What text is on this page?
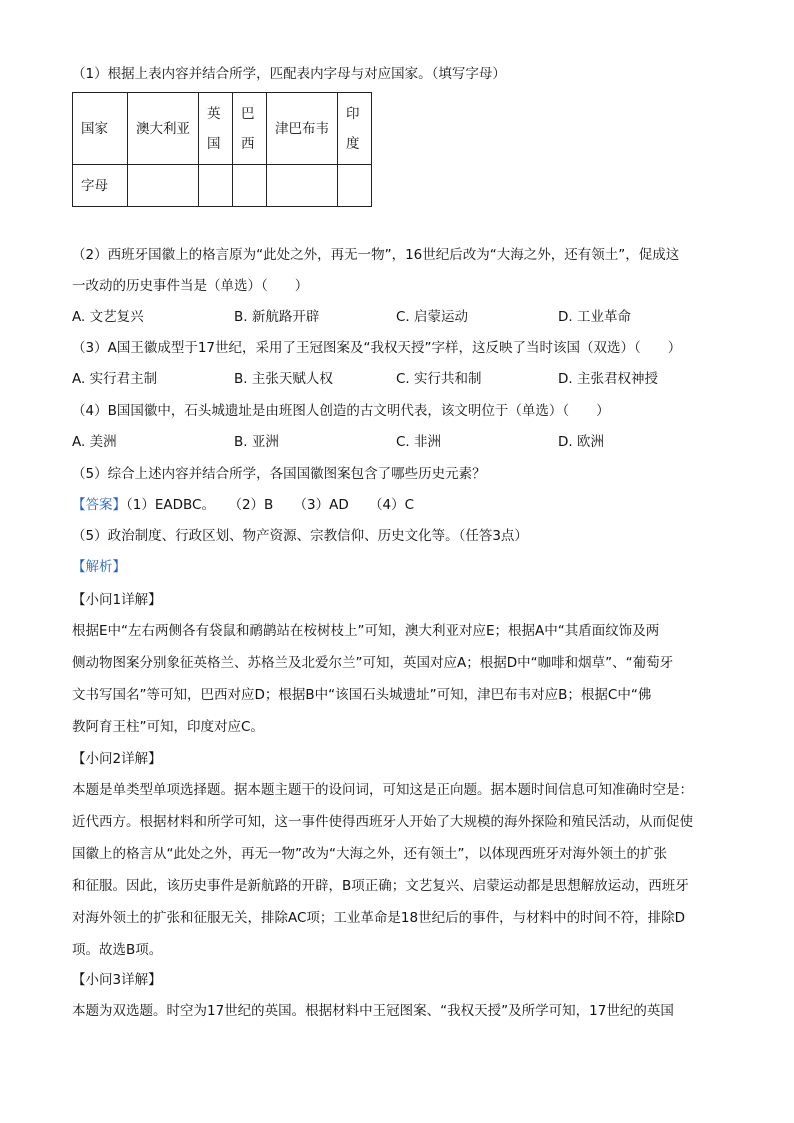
（1）根据上表内容并结合所学，匹配表内字母与对应国家。（填写字母）
国家	澳大利亚	英国	巴西	津巴布韦	印度
字母					
（2）西班牙国徽上的格言原为“此处之外，再无一物”，16世纪后改为“大海之外，还有领土”，促成这
一改动的历史事件当是（单选）（　　）
A. 文艺复兴	B. 新航路开辟	C. 启蒙运动	D. 工业革命
（3）A国王徽成型于17世纪，采用了王冠图案及“我权天授”字样，这反映了当时该国（双选）（　　）
A. 实行君主制	B. 主张天赋人权	C. 实行共和制	D. 主张君权神授
（4）B国国徽中，石头城遗址是由班图人创造的古文明代表，该文明位于（单选）（　　）
A. 美洲	B. 亚洲	C. 非洲	D. 欧洲
（5）综合上述内容并结合所学，各国国徽图案包含了哪些历史元素？
【答案】（1）EADBC。　　（2）B　　（3）AD　　（4）C
（5）政治制度、行政区划、物产资源、宗教信仰、历史文化等。（任答3点）
【解析】
【小问1详解】
根据E中“左右两侧各有袋鼠和鸸鹋站在桉树枝上”可知，澳大利亚对应E；根据A中“其盾面纹饰及两
侧动物图案分别象征英格兰、苏格兰及北爱尔兰”可知，英国对应A；根据D中“咖啡和烟草”、“葡萄牙
文书写国名”等可知，巴西对应D；根据B中“该国石头城遗址”可知，津巴布韦对应B；根据C中“佛
教阿育王柱”可知，印度对应C。
【小问2详解】
本题是单类型单项选择题。据本题主题干的设问词，可知这是正向题。据本题时间信息可知准确时空是：
近代西方。根据材料和所学可知，这一事件使得西班牙人开始了大规模的海外探险和殖民活动，从而促使
国徽上的格言从“此处之外，再无一物”改为“大海之外，还有领土”，以体现西班牙对海外领土的扩张
和征服。因此，该历史事件是新航路的开辟，B项正确；文艺复兴、启蒙运动都是思想解放运动，西班牙
对海外领土的扩张和征服无关，排除AC项；工业革命是18世纪后的事件，与材料中的时间不符，排除D
项。故选B项。
【小问3详解】
本题为双选题。时空为17世纪的英国。根据材料中王冠图案、“我权天授”及所学可知，17世纪的英国
